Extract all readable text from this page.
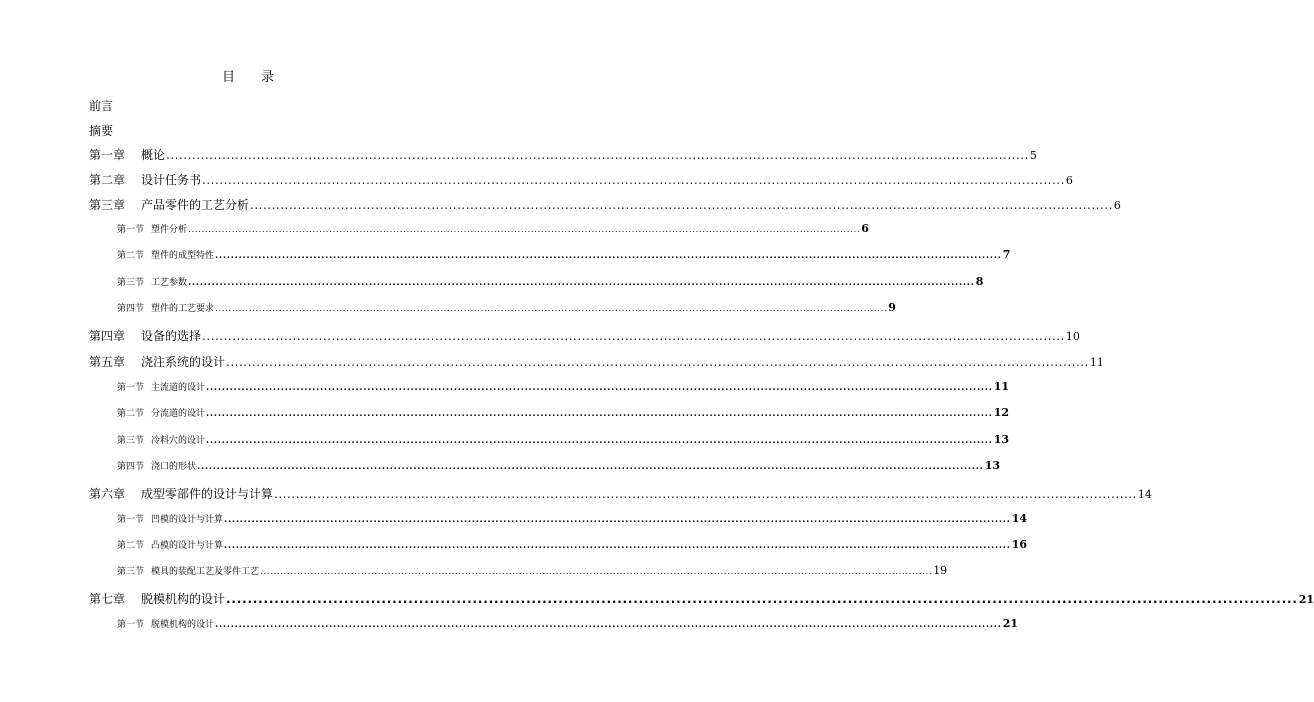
目 录
前言
摘要
第一章	概论 ........................................................................................................................................................................................................ 5
第二章	设计任务书 ........................................................................................................................................................................................................ 6
第三章	产品零件的工艺分析 ........................................................................................................................................................................................................ 6
第一节 塑件分析 ........................................................................................................................................................................................................ 6
第二节 塑件的成型特性 ........................................................................................................................................................................................................ 7
第三节 工艺参数 ........................................................................................................................................................................................................ 8
第四节 塑件的工艺要求 ........................................................................................................................................................................................................ 9
第四章	设备的选择 ........................................................................................................................................................................................................ 10
第五章	浇注系统的设计 ........................................................................................................................................................................................................ 11
第一节 主流道的设计 ........................................................................................................................................................................................................ 11
第二节 分流道的设计 ........................................................................................................................................................................................................ 12
第三节 冷料穴的设计 ........................................................................................................................................................................................................ 13
第四节 浇口的形状 ........................................................................................................................................................................................................ 13
第六章	成型零部件的设计与计算 ........................................................................................................................................................................................................ 14
第一节 凹模的设计与计算 ........................................................................................................................................................................................................ 14
第二节 凸模的设计与计算 ........................................................................................................................................................................................................ 16
第三节 模具的装配工艺及零件工艺 ........................................................................................................................................................................................................ 19
第七章	脱模机构的设计 ........................................................................................................................................................................................................ 21
第一节 脱模机构的设计 ........................................................................................................................................................................................................ 21
